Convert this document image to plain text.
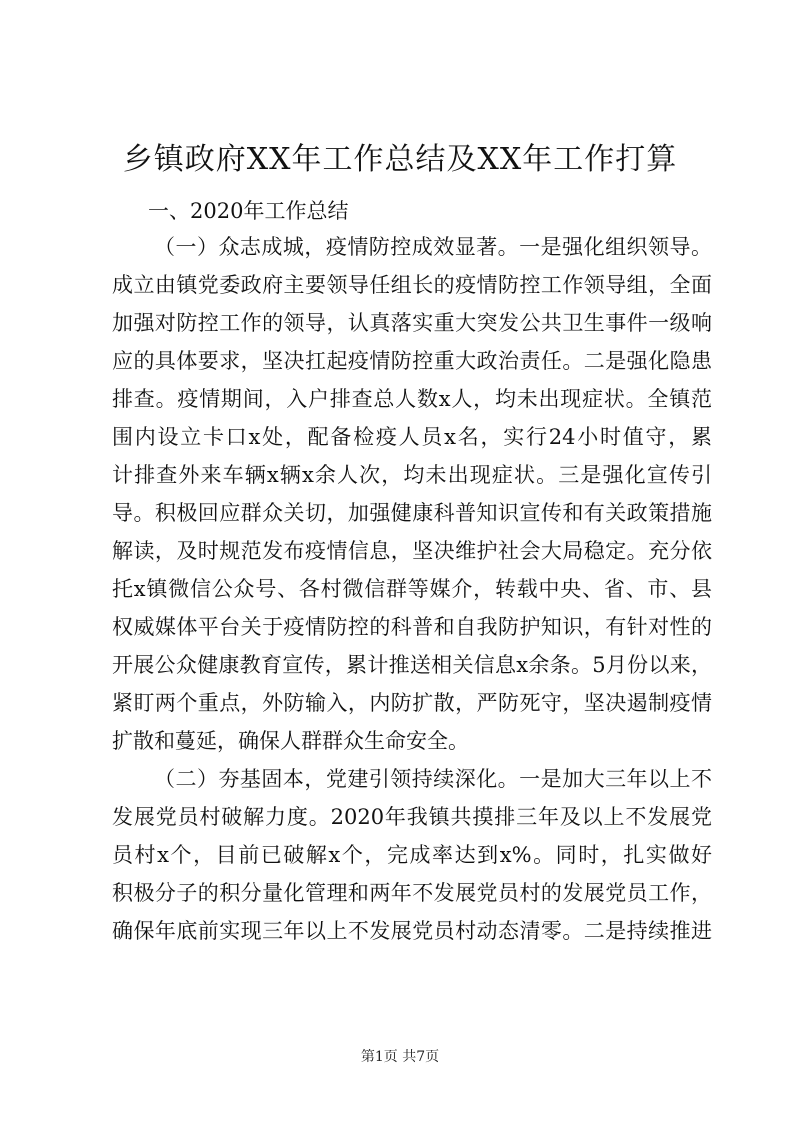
乡镇政府XX年工作总结及XX年工作打算
一、2020年工作总结
（一）众志成城，疫情防控成效显著。一是强化组织领导。
成立由镇党委政府主要领导任组长的疫情防控工作领导组，全面
加强对防控工作的领导，认真落实重大突发公共卫生事件一级响
应的具体要求，坚决扛起疫情防控重大政治责任。二是强化隐患
排查。疫情期间，入户排查总人数x人，均未出现症状。全镇范
围内设立卡口x处，配备检疫人员x名，实行24小时值守，累
计排查外来车辆x辆x余人次，均未出现症状。三是强化宣传引
导。积极回应群众关切，加强健康科普知识宣传和有关政策措施
解读，及时规范发布疫情信息，坚决维护社会大局稳定。充分依
托x镇微信公众号、各村微信群等媒介，转载中央、省、市、县
权威媒体平台关于疫情防控的科普和自我防护知识，有针对性的
开展公众健康教育宣传，累计推送相关信息x余条。5月份以来，
紧盯两个重点，外防输入，内防扩散，严防死守，坚决遏制疫情
扩散和蔓延，确保人群群众生命安全。
（二）夯基固本，党建引领持续深化。一是加大三年以上不
发展党员村破解力度。2020年我镇共摸排三年及以上不发展党
员村x个，目前已破解x个，完成率达到x%。同时，扎实做好
积极分子的积分量化管理和两年不发展党员村的发展党员工作，
确保年底前实现三年以上不发展党员村动态清零。二是持续推进
第1页 共7页
